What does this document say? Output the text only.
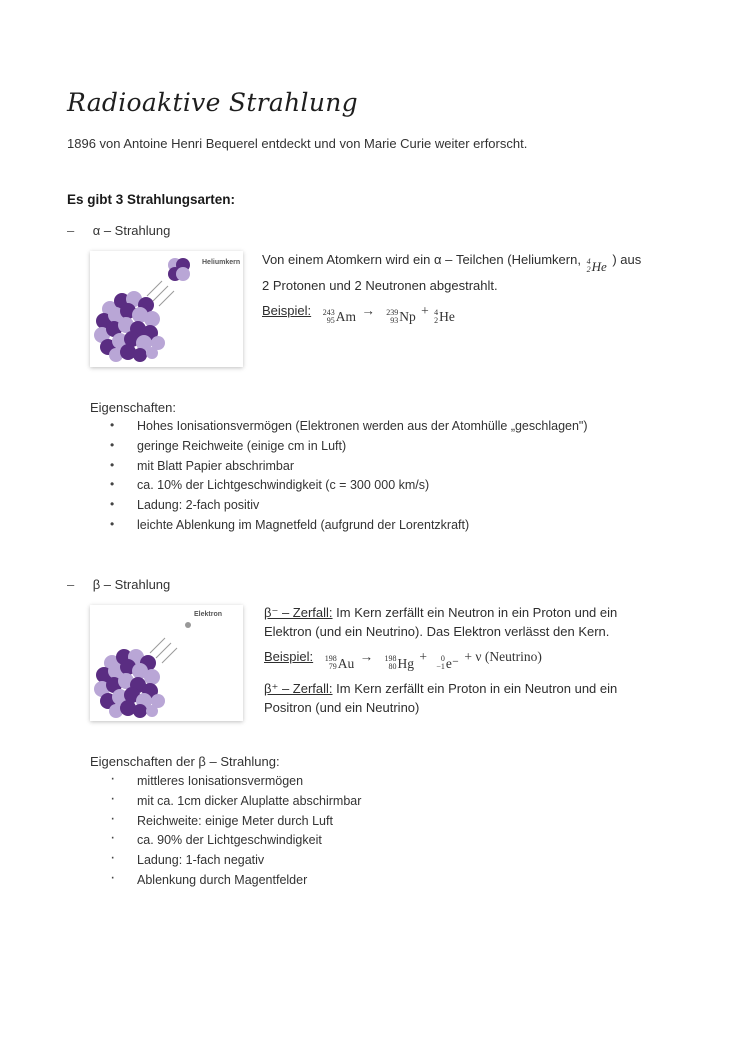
Radioaktive Strahlung
1896 von Antoine Henri Bequerel entdeckt und von Marie Curie weiter erforscht.
Es gibt 3 Strahlungsarten:
– α – Strahlung
Heliumkern Von einem Atomkern wird ein α – Teilchen (Heliumkern, 4
2 He ) aus
2 Protonen und 2 Neutronen abgestrahlt.
Beispiel: 243
95 Am → 239
93 Np + 4
2 He
Eigenschaften:
• Hohes Ionisationsvermögen (Elektronen werden aus der Atomhülle „geschlagen")
• geringe Reichweite (einige cm in Luft)
• mit Blatt Papier abschrimbar
• ca. 10% der Lichtgeschwindigkeit (c = 300 000 km/s)
• Ladung: 2-fach positiv
• leichte Ablenkung im Magnetfeld (aufgrund der Lorentzkraft)
– β – Strahlung
Elektron	β⁻ – Zerfall: Im Kern zerfällt ein Neutron in ein Proton und ein
Elektron (und ein Neutrino). Das Elektron verlässt den Kern.
Beispiel: 198
79 Au → 198
80 Hg +	0
−1 e⁻ + ν (Neutrino)
β⁺ – Zerfall: Im Kern zerfällt ein Proton in ein Neutron und ein
Positron (und ein Neutrino)
Eigenschaften der β – Strahlung:
· mittleres Ionisationsvermögen
· mit ca. 1cm dicker Aluplatte abschirmbar
· Reichweite: einige Meter durch Luft
· ca. 90% der Lichtgeschwindigkeit
· Ladung: 1-fach negativ
· Ablenkung durch Magentfelder
